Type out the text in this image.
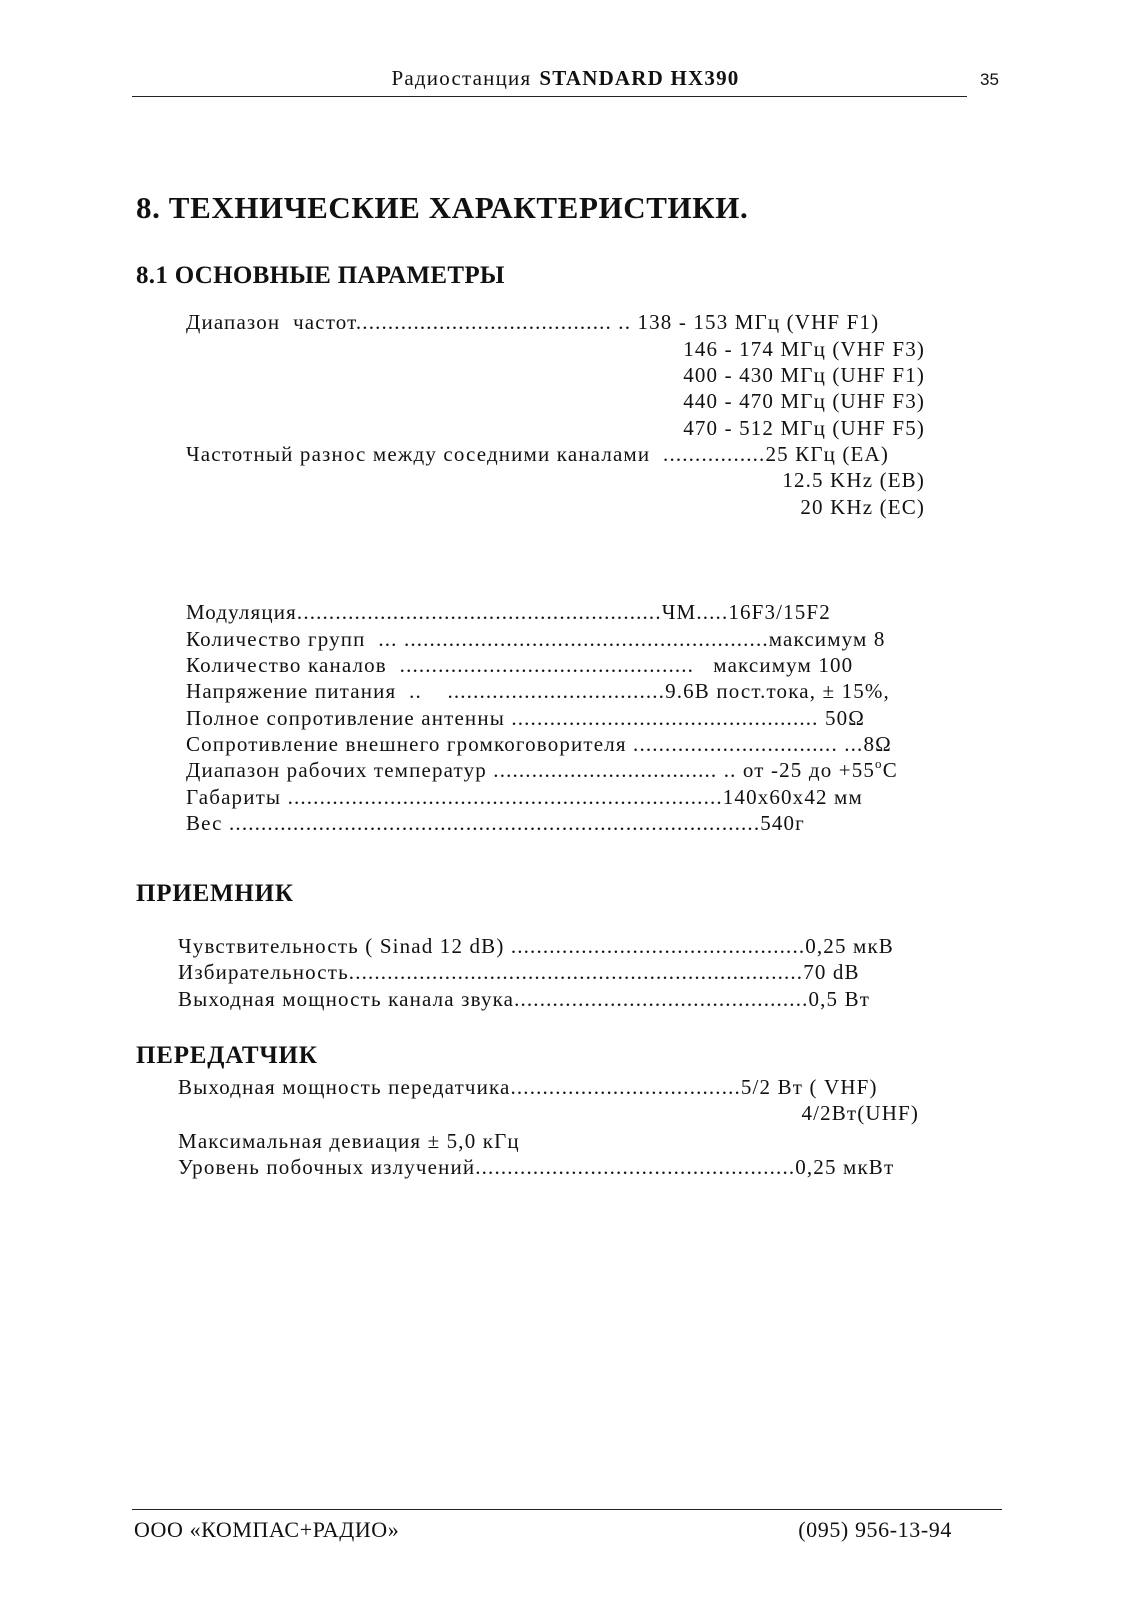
Радиостанция STANDARD HX390	35
8. ТЕХНИЧЕСКИЕ ХАРАКТЕРИСТИКИ.
8.1 ОСНОВНЫЕ ПАРАМЕТРЫ
Диапазон  частот........................................ .. 138 - 153 МГц (VHF F1)
146 - 174 МГц (VHF F3)
400 - 430 МГц (UHF F1)
440 - 470 МГц (UHF F3)
470 - 512 МГц (UHF F5)
Частотный разнос между соседними каналами  ................25 КГц (EA)
12.5 KHz (EB)
20 KHz (EC)
Модуляция.........................................................ЧМ.....16F3/15F2
Количество групп  ... .........................................................максимум 8
Количество каналов  ..............................................   максимум 100
Напряжение питания  ..    ..................................9.6В пост.тока, ± 15%,
Полное сопротивление антенны ................................................ 50Ω
Сопротивление внешнего громкоговорителя ................................ ...8Ω
Диапазон рабочих температур ................................... .. от -25 до $+55^oC$
Габариты ....................................................................140х60х42 мм
Вес ...................................................................................540г
ПРИЕМНИК
Чувствительность ( Sinad 12 dB) ..............................................0,25 мкВ
Избирательность.......................................................................70 dB
Выходная мощность канала звука..............................................0,5 Вт
ПЕРЕДАТЧИК
Выходная мощность передатчика....................................5/2 Вт ( VHF)
4/2Вт(UHF)
Максимальная девиация ± 5,0 кГц
Уровень побочных излучений..................................................0,25 мкВт
ООО «КОМПАС+РАДИО»	(095) 956-13-94
